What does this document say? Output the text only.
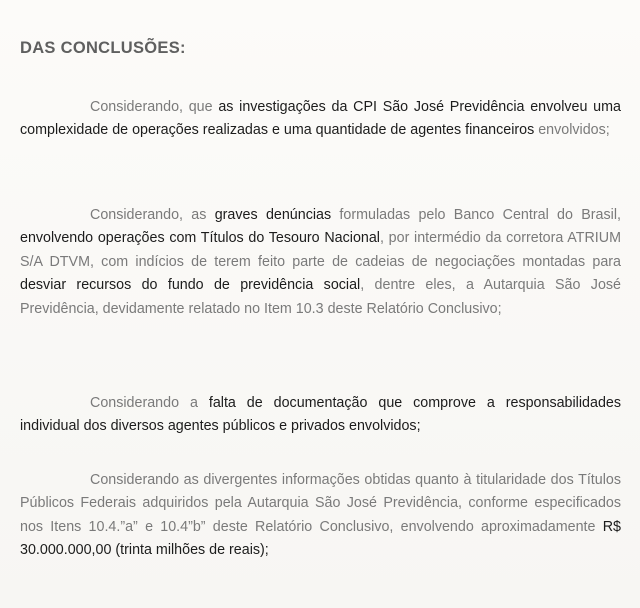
DAS CONCLUSÕES:

Considerando, que as investigações da CPI São José Previdência envolveu uma complexidade de operações realizadas e uma quantidade de agentes financeiros envolvidos;

Considerando, as graves denúncias formuladas pelo Banco Central do Brasil, envolvendo operações com Títulos do Tesouro Nacional, por intermédio da corretora ATRIUM S/A DTVM, com indícios de terem feito parte de cadeias de negociações montadas para desviar recursos do fundo de previdência social, dentre eles, a Autarquia São José Previdência, devidamente relatado no Item 10.3 deste Relatório Conclusivo;

Considerando a falta de documentação que comprove a responsabilidades individual dos diversos agentes públicos e privados envolvidos;

Considerando as divergentes informações obtidas quanto à titularidade dos Títulos Públicos Federais adquiridos pela Autarquia São José Previdência, conforme especificados nos Itens 10.4.”a” e 10.4”b” deste Relatório Conclusivo, envolvendo aproximadamente R$ 30.000.000,00 (trinta milhões de reais);
